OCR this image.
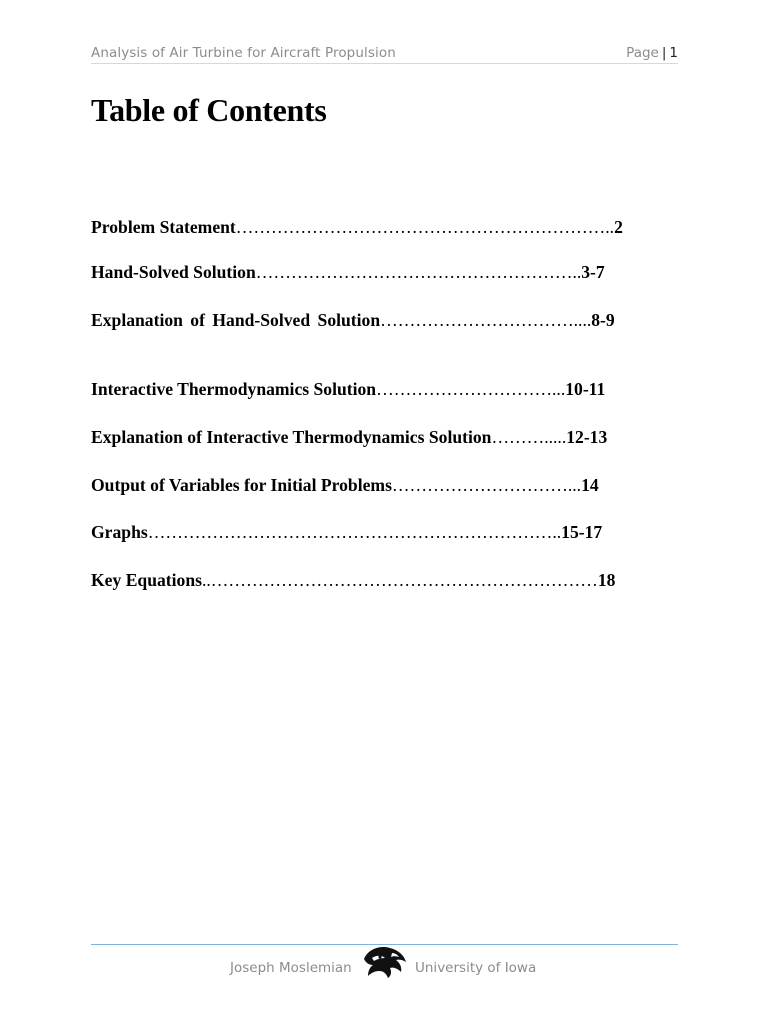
Analysis of Air Turbine for Aircraft Propulsion	Page | 1
Table of Contents
Problem Statement………………………………………………………..2
Hand-Solved Solution………………………………………………..3-7
Explanation of Hand-Solved Solution……………………………....8-9
Interactive Thermodynamics Solution…………………………...10-11
Explanation of Interactive Thermodynamics Solution……….....12-13
Output of Variables for Initial Problems…………………………...14
Graphs……………………………………………………………..15-17
Key Equations..…………………………………………………………18
Joseph Moslemian	University of Iowa
